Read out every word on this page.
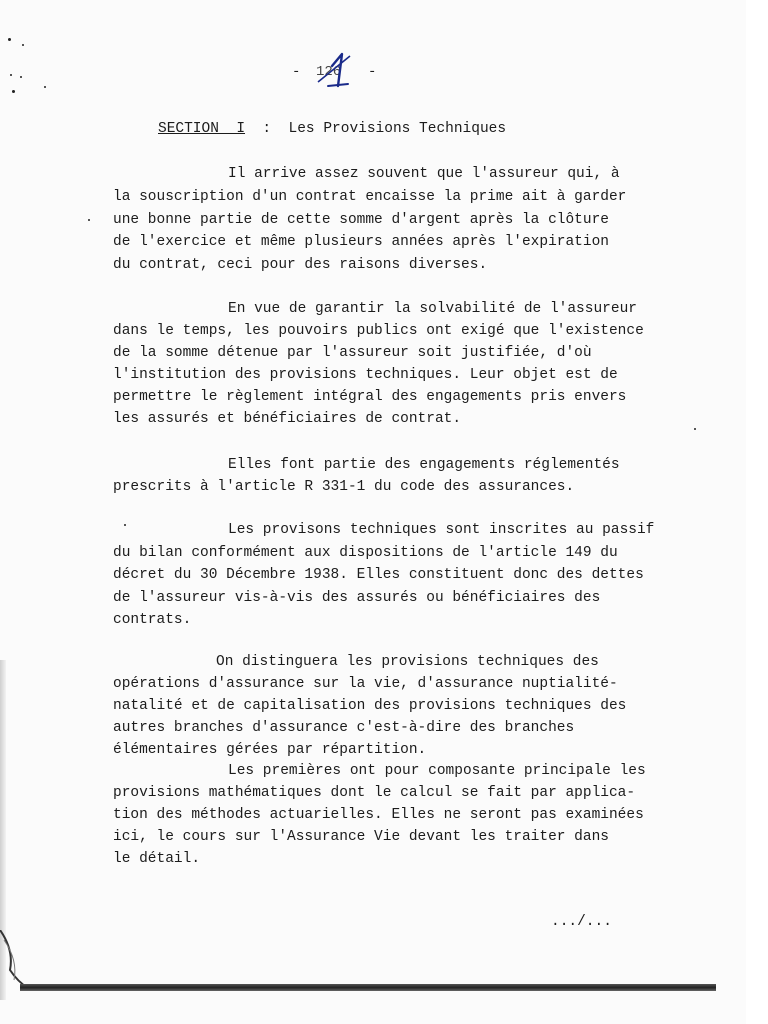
- 126 -
SECTION  I : Les Provisions Techniques
Il arrive assez souvent que l'assureur qui, à
la souscription d'un contrat encaisse la prime ait à garder
une bonne partie de cette somme d'argent après la clôture
de l'exercice et même plusieurs années après l'expiration
du contrat, ceci pour des raisons diverses.
En vue de garantir la solvabilité de l'assureur
dans le temps, les pouvoirs publics ont exigé que l'existence
de la somme détenue par l'assureur soit justifiée, d'où
l'institution des provisions techniques. Leur objet est de
permettre le règlement intégral des engagements pris envers
les assurés et bénéficiaires de contrat.
Elles font partie des engagements réglementés
prescrits à l'article R 331-1 du code des assurances.
Les provisons techniques sont inscrites au passif
du bilan conformément aux dispositions de l'article 149 du
décret du 30 Décembre 1938. Elles constituent donc des dettes
de l'assureur vis-à-vis des assurés ou bénéficiaires des
contrats.
On distinguera les provisions techniques des
opérations d'assurance sur la vie, d'assurance nuptialité-
natalité et de capitalisation des provisions techniques des
autres branches d'assurance c'est-à-dire des branches
élémentaires gérées par répartition.
Les premières ont pour composante principale les
provisions mathématiques dont le calcul se fait par applica-
tion des méthodes actuarielles. Elles ne seront pas examinées
ici, le cours sur l'Assurance Vie devant les traiter dans
le détail.
.../...
